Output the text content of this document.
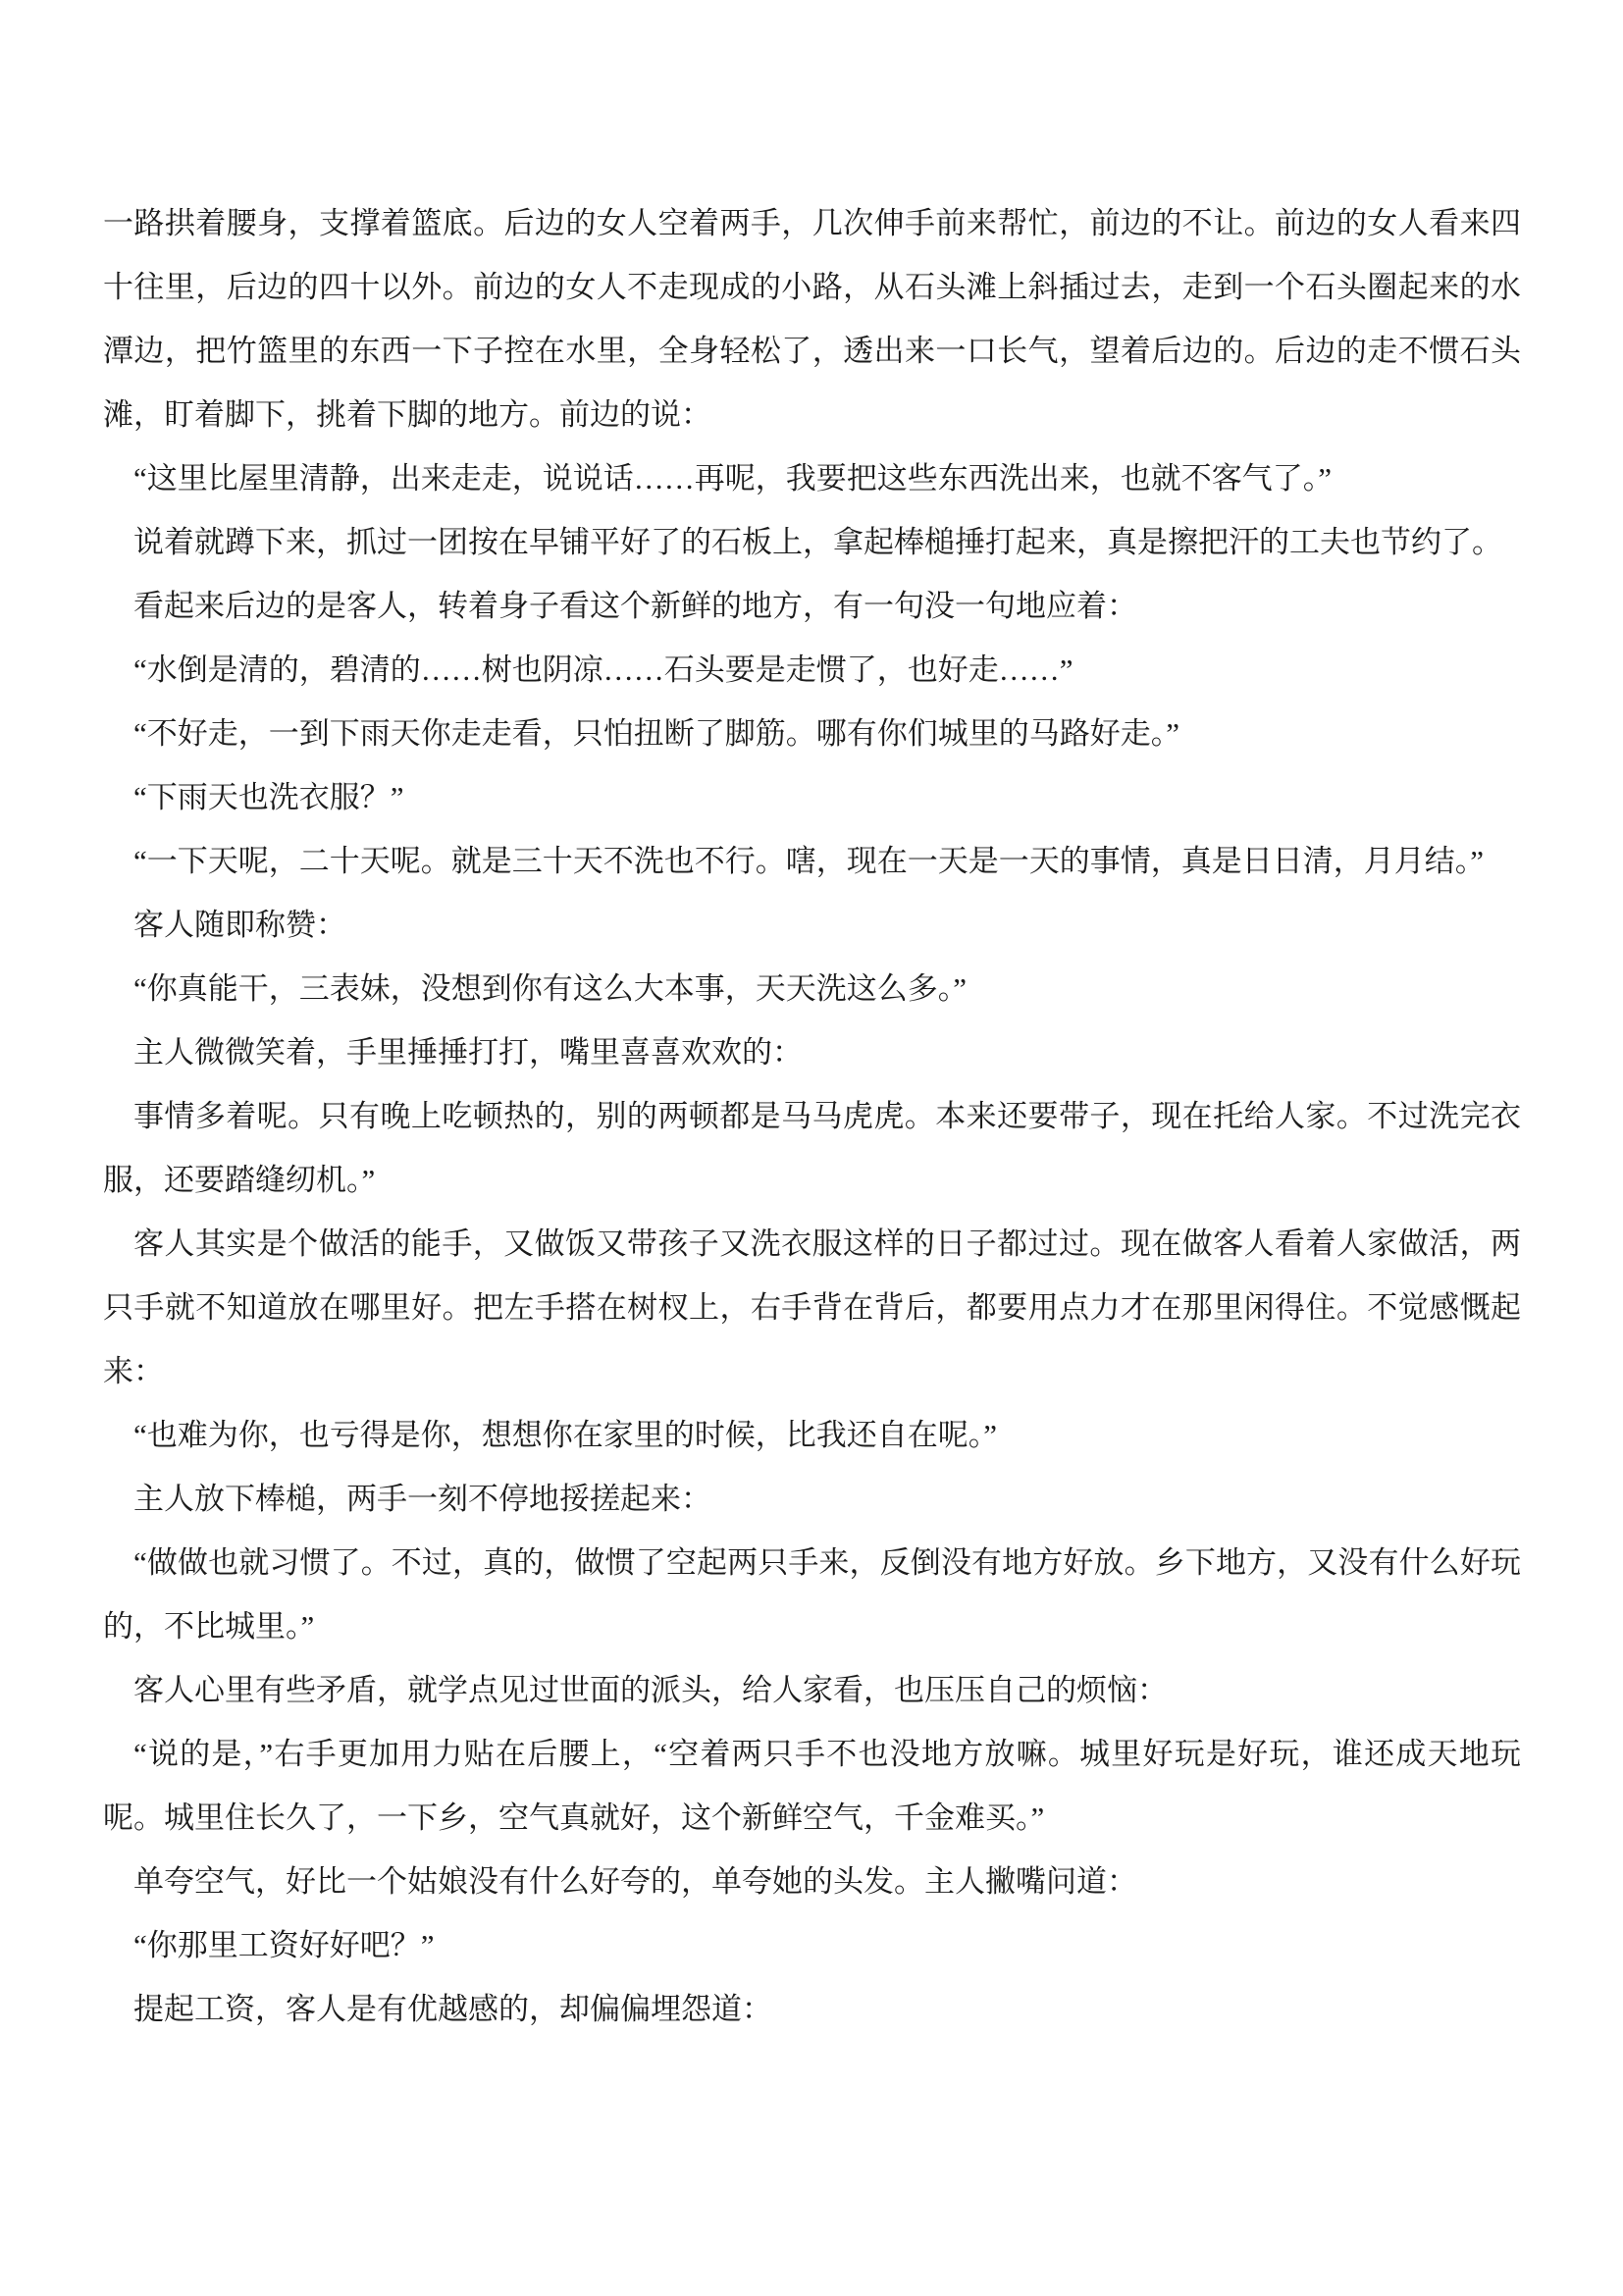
一路拱着腰身，支撑着篮底。后边的女人空着两手，几次伸手前来帮忙，前边的不让。前边的女人看来四十往里，后边的四十以外。前边的女人不走现成的小路，从石头滩上斜插过去，走到一个石头圈起来的水潭边，把竹篮里的东西一下子控在水里，全身轻松了，透出来一口长气，望着后边的。后边的走不惯石头滩，盯着脚下，挑着下脚的地方。前边的说：

“这里比屋里清静，出来走走，说说话……再呢，我要把这些东西洗出来，也就不客气了。”

说着就蹲下来，抓过一团按在早铺平好了的石板上，拿起棒槌捶打起来，真是擦把汗的工夫也节约了。

看起来后边的是客人，转着身子看这个新鲜的地方，有一句没一句地应着：

“水倒是清的，碧清的……树也阴凉……石头要是走惯了，也好走……”

“不好走，一到下雨天你走走看，只怕扭断了脚筋。哪有你们城里的马路好走。”

“下雨天也洗衣服？”

“一下天呢，二十天呢。就是三十天不洗也不行。嗐，现在一天是一天的事情，真是日日清，月月结。”

客人随即称赞：

“你真能干，三表妹，没想到你有这么大本事，天天洗这么多。”

主人微微笑着，手里捶捶打打，嘴里喜喜欢欢的：

事情多着呢。只有晚上吃顿热的，别的两顿都是马马虎虎。本来还要带子，现在托给人家。不过洗完衣服，还要踏缝纫机。”

客人其实是个做活的能手，又做饭又带孩子又洗衣服这样的日子都过过。现在做客人看着人家做活，两只手就不知道放在哪里好。把左手搭在树杈上，右手背在背后，都要用点力才在那里闲得住。不觉感慨起来：

“也难为你，也亏得是你，想想你在家里的时候，比我还自在呢。”

主人放下棒槌，两手一刻不停地挼搓起来：

“做做也就习惯了。不过，真的，做惯了空起两只手来，反倒没有地方好放。乡下地方，又没有什么好玩的，不比城里。”

客人心里有些矛盾，就学点见过世面的派头，给人家看，也压压自己的烦恼：

“说的是，”右手更加用力贴在后腰上，“空着两只手不也没地方放嘛。城里好玩是好玩，谁还成天地玩呢。城里住长久了，一下乡，空气真就好，这个新鲜空气，千金难买。”

单夸空气，好比一个姑娘没有什么好夸的，单夸她的头发。主人撇嘴问道：

“你那里工资好好吧？”

提起工资，客人是有优越感的，却偏偏埋怨道：
